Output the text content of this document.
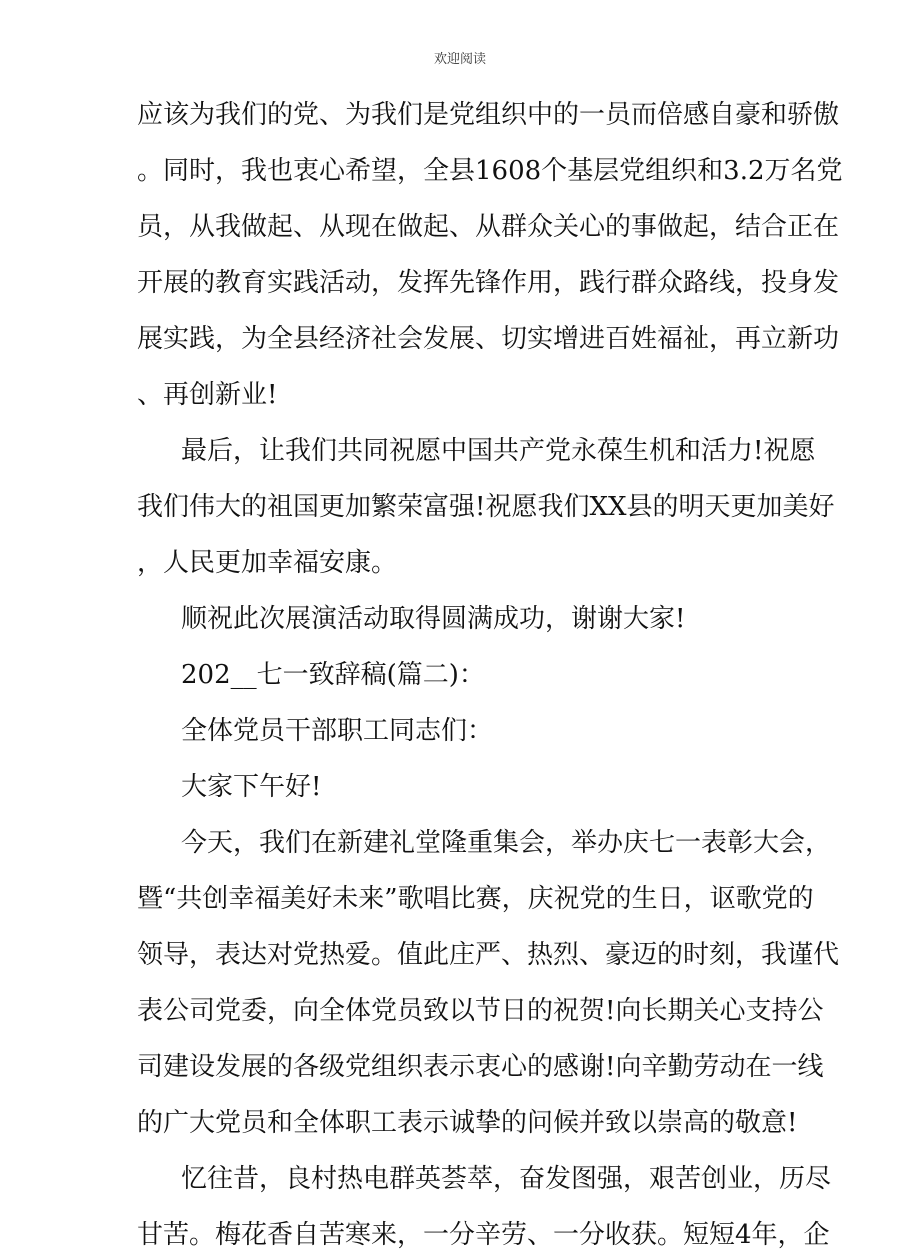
欢迎阅读
应该为我们的党、为我们是党组织中的一员而倍感自豪和骄傲
。同时，我也衷心希望，全县1608个基层党组织和3.2万名党
员，从我做起、从现在做起、从群众关心的事做起，结合正在
开展的教育实践活动，发挥先锋作用，践行群众路线，投身发
展实践，为全县经济社会发展、切实增进百姓福祉，再立新功
、再创新业!
最后，让我们共同祝愿中国共产党永葆生机和活力!祝愿
我们伟大的祖国更加繁荣富强!祝愿我们XX县的明天更加美好
，人民更加幸福安康。
顺祝此次展演活动取得圆满成功，谢谢大家!
202__七一致辞稿(篇二)：
全体党员干部职工同志们：
大家下午好!
今天，我们在新建礼堂隆重集会，举办庆七一表彰大会，
暨“共创幸福美好未来”歌唱比赛，庆祝党的生日，讴歌党的
领导，表达对党热爱。值此庄严、热烈、豪迈的时刻，我谨代
表公司党委，向全体党员致以节日的祝贺!向长期关心支持公
司建设发展的各级党组织表示衷心的感谢!向辛勤劳动在一线
的广大党员和全体职工表示诚挚的问候并致以崇高的敬意!
忆往昔，良村热电群英荟萃，奋发图强，艰苦创业，历尽
甘苦。梅花香自苦寒来，一分辛劳、一分收获。短短4年，企
